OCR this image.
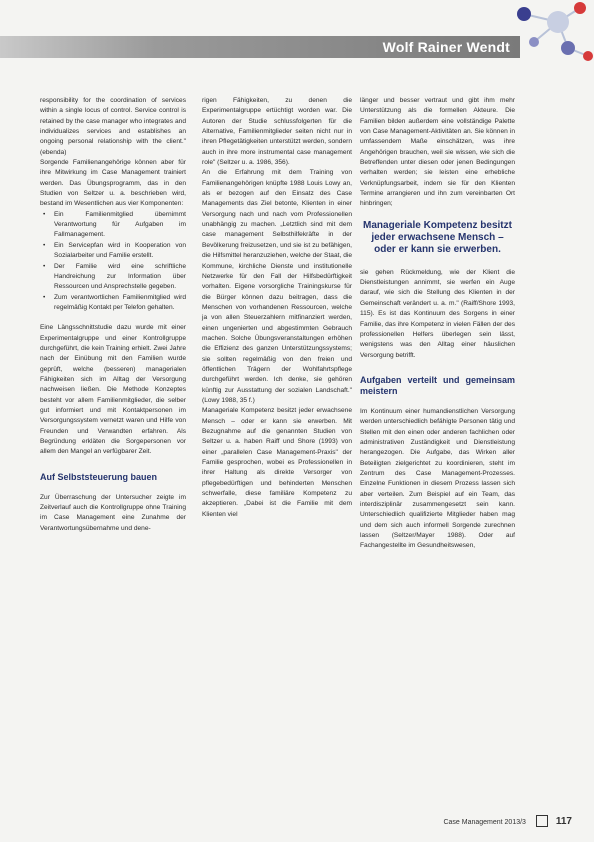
Wolf Rainer Wendt

responsibility for the coordination of services within a single locus of control. Service control is retained by the case manager who integrates and individualizes services and establishes an ongoing personal relationship with the client." (ebenda)

Sorgende Familienangehörige können aber für ihre Mitwirkung im Case Management trainiert werden. Das Übungsprogramm, das in den Studien von Seltzer u. a. beschrieben wird, bestand im Wesentlichen aus vier Komponenten:

• Ein Familienmitglied übernimmt Verantwortung für Aufgaben im Fallmanagement.
• Ein Servicepfan wird in Kooperation von Sozialarbeiter und Familie erstellt.
• Der Familie wird eine schriftliche Handreichung zur Information über Ressourcen und Ansprechstelle gegeben.
• Zum verantwortlichen Familienmitglied wird regelmäßig Kontakt per Telefon gehalten.

Eine Längsschnittstudie dazu wurde mit einer Experimentalgruppe und einer Kontrollgruppe durchgeführt, die kein Training erhielt. Zwei Jahre nach der Einübung mit den Familien wurde geprüft, welche (besseren) managerialen Fähigkeiten sich im Alltag der Versorgung nachweisen ließen. Die Methode Konzeptes besteht vor allem Familienmitglieder, die selber gut informiert und mit Kontaktpersonen im Versorgungssystem vernetzt waren und Hilfe von Freunden und Verwandten erfahren. Als Begründung erkläten die Sorgepersonen vor allem den Mangel an verfügbarer Zeit.

Auf Selbststeuerung bauen

Zur Überraschung der Untersucher zeigte im Zeitverlauf auch die Kontrollgruppe ohne Training im Case Management eine Zunahme der Verantwortungsübernahme und dene-

rigen Fähigkeiten, zu denen die Experimentalgruppe ertüchtigt worden war. Die Autoren der Studie schlussfolgerten für die Alternative, Familienmitglieder seiten nicht nur in ihren Pflegetätigkeiten unterstützt werden, sondern auch in ihre more instrumental case management role" (Seltzer u. a. 1986, 356).

An die Erfahrung mit dem Training von Familienangehörigen knüpfte 1988 Louis Lowy an, als er bezogen auf den Einsatz des Case Managements das Ziel betonte, Klienten in einer Versorgung nach und nach vom Professionellen unabhängig zu machen. „Letztlich sind mit dem case management Selbsthilfekräfte in der Bevölkerung freizusetzen, und sie ist zu befähigen, die Hilfsmittel heranzuziehen, welche der Staat, die Kommune, kirchliche Dienste und institutionelle Netzwerke für den Fall der Hilfsbedürftigkeit vorhalten. Eigene vorsorgliche Trainingskurse für die Bürger können dazu beitragen, dass die Menschen von vorhandenen Ressourcen, welche ja von allen Steuerzahlern mitfinanziert werden, einen ungenierten und abgestimmten Gebrauch machen. Solche Übungsveranstaltungen erhöhen die Effizienz des ganzen Unterstützungssystems; sie sollten regelmäßig von den freien und öffentlichen Trägern der Wohlfahrtspflege durchgeführt werden. Ich denke, sie gehören künftig zur Ausstattung der sozialen Landschaft." (Lowy 1988, 35 f.)

Manageriale Kompetenz besitzt jeder erwachsene Mensch – oder er kann sie erwerben. Mit Bezugnahme auf die genannten Studien von Seltzer u. a. haben Raiff und Shore (1993) von einer „parallelen Case Management-Praxis" der Familie gesprochen, wobei es Professionellen in ihrer Haltung als direkte Versorger von pflegebedürftigen und behinderten Menschen schwerfalle, diese familiäre Kompetenz zu akzeptieren. „Dabei ist die Familie mit dem Klienten viel

länger und besser vertraut und gibt ihm mehr Unterstützung als die formellen Akteure. Die Familien bilden außerdem eine vollständige Palette von Case Management-Aktivitäten an. Sie können in umfassendem Maße einschätzen, was ihre Angehörigen brauchen, weil sie wissen, wie sich die Betreffenden unter diesen oder jenen Bedingungen verhalten werden; sie leisten eine erhebliche Verknüpfungsarbeit, indem sie für den Klienten Termine arrangieren und ihn zum vereinbarten Ort hinbringen;

Manageriale Kompetenz besitzt jeder erwachsene Mensch – oder er kann sie erwerben.

sie gehen Rückmeldung, wie der Klient die Dienstleistungen annimmt, sie werfen ein Auge darauf, wie sich die Stellung des Klienten in der Gemeinschaft verändert u. a. m." (Raiff/Shore 1993, 115). Es ist das Kontinuum des Sorgens in einer Familie, das ihre Kompetenz in vielen Fällen der des professionellen Helfers überlegen sein lässt, wenigstens was den Alltag einer häuslichen Versorgung betrifft.

Aufgaben verteilt und gemeinsam meistern

Im Kontinuum einer humandienstlichen Versorgung werden unterschiedlich befähigte Personen tätig und Stellen mit den einen oder anderen fachlichen oder administrativen Zuständigkeit und Dienstleistung herangezogen. Die Aufgabe, das Wirken aller Beteiligten zielgerichtet zu koordinieren, steht im Zentrum des Case Management-Prozesses. Einzelne Funktionen in diesem Prozess lassen sich aber verteilen. Zum Beispiel auf ein Team, das interdisziplinär zusammengesetzt sein kann. Unterschiedlich qualifizierte Mitglieder haben mag und dem sich auch informell Sorgende zurechnen lassen (Seltzer/Mayer 1988). Oder auf Fachangestellte im Gesundheitswesen,

Case Management 2013/3	117
